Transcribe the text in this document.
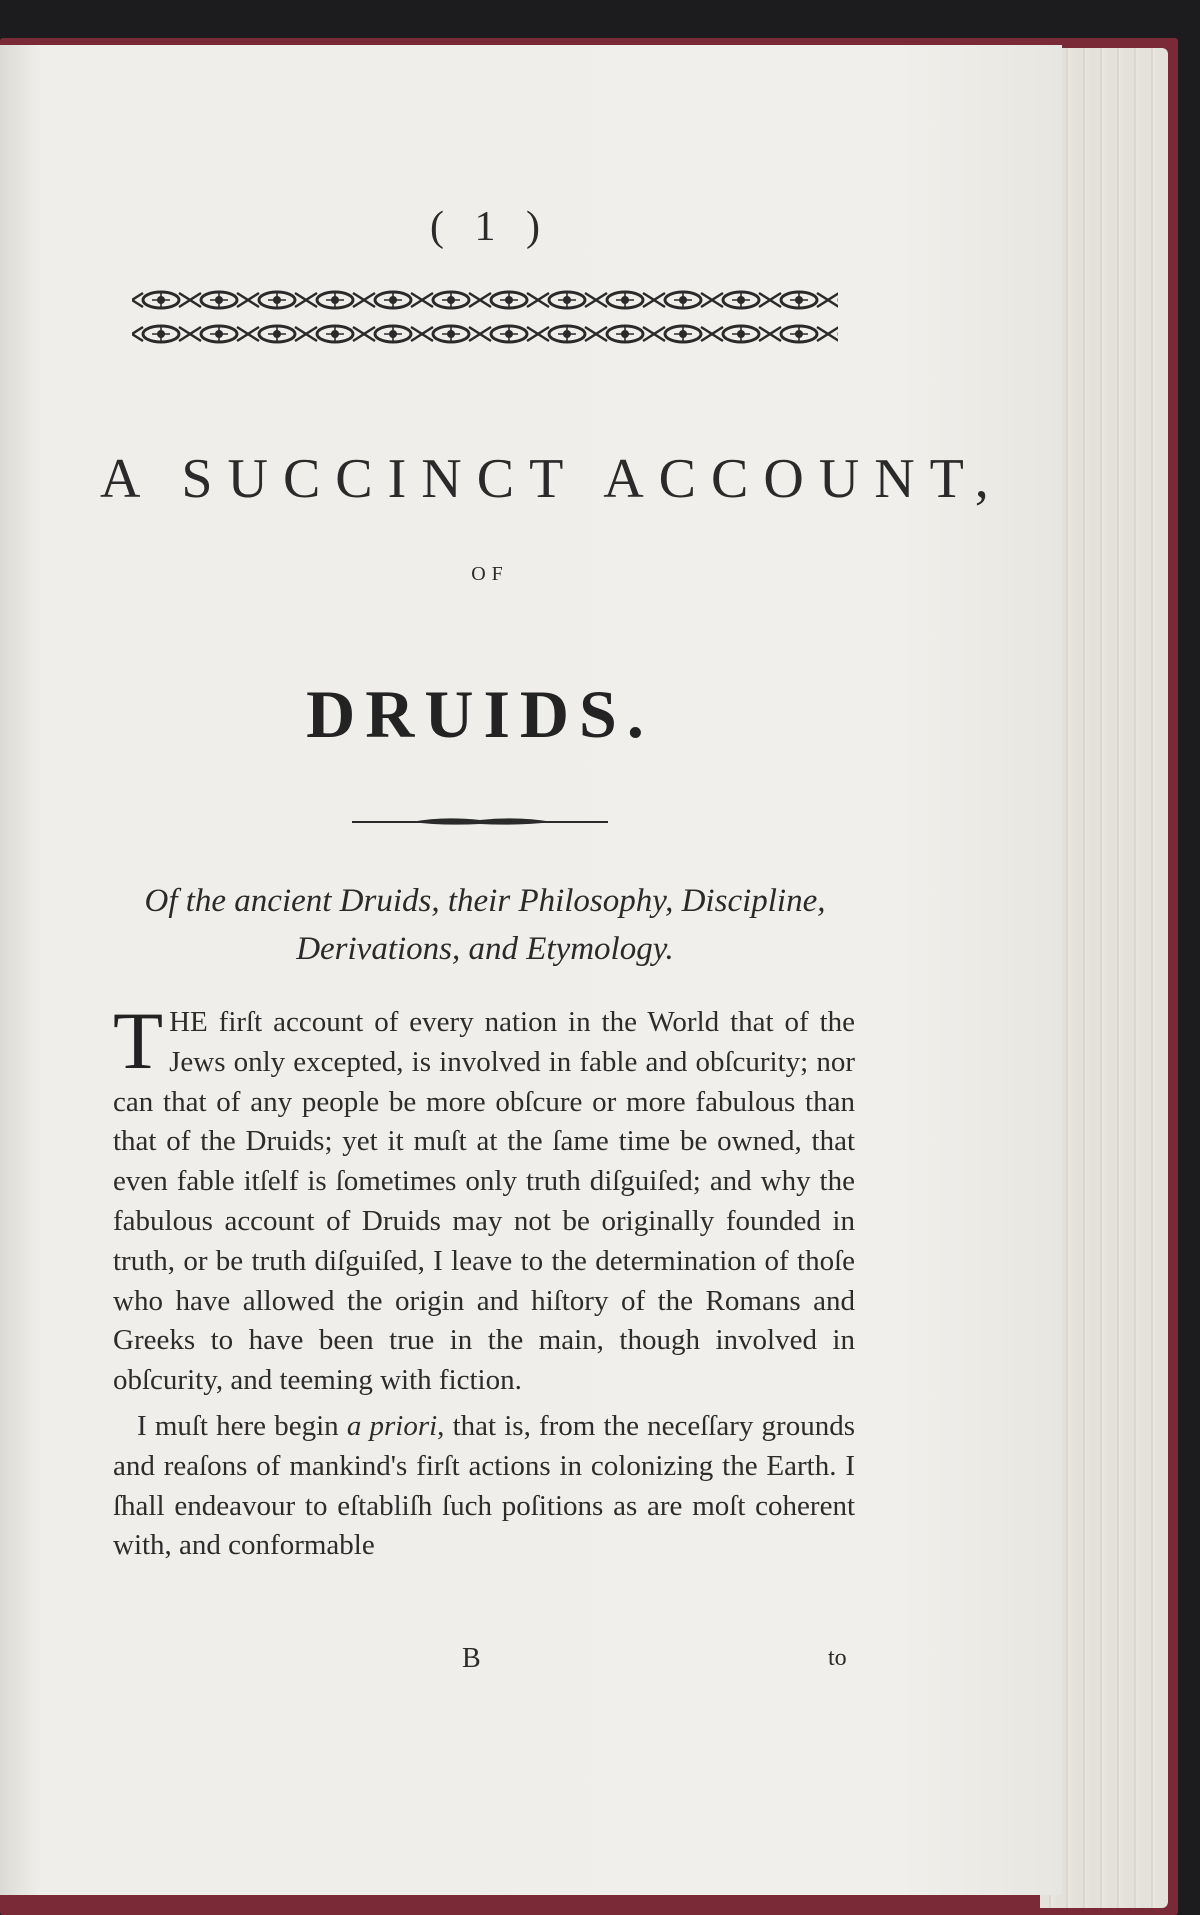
( 1 )
A SUCCINCT ACCOUNT,
OF
DRUIDS.
Of the ancient Druids, their Philosophy, Discipline,
Derivations, and Etymology.

THE firſt account of every nation in the World that of the Jews only excepted, is involved in fable and obſcurity; nor can that of any people be more obſcure or more fabulous than that of the Druids; yet it muſt at the ſame time be owned, that even fable itſelf is ſometimes only truth diſguiſed; and why the fabulous account of Druids may not be originally founded in truth, or be truth diſguiſed, I leave to the determination of thoſe who have allowed the origin and hiſtory of the Romans and Greeks to have been true in the main, though involved in obſcurity, and teeming with fiction.

I muſt here begin a priori, that is, from the neceſſary grounds and reaſons of mankind's firſt actions in colonizing the Earth. I ſhall endeavour to eſtabliſh ſuch poſitions as are moſt coherent with, and conformable

B	to
